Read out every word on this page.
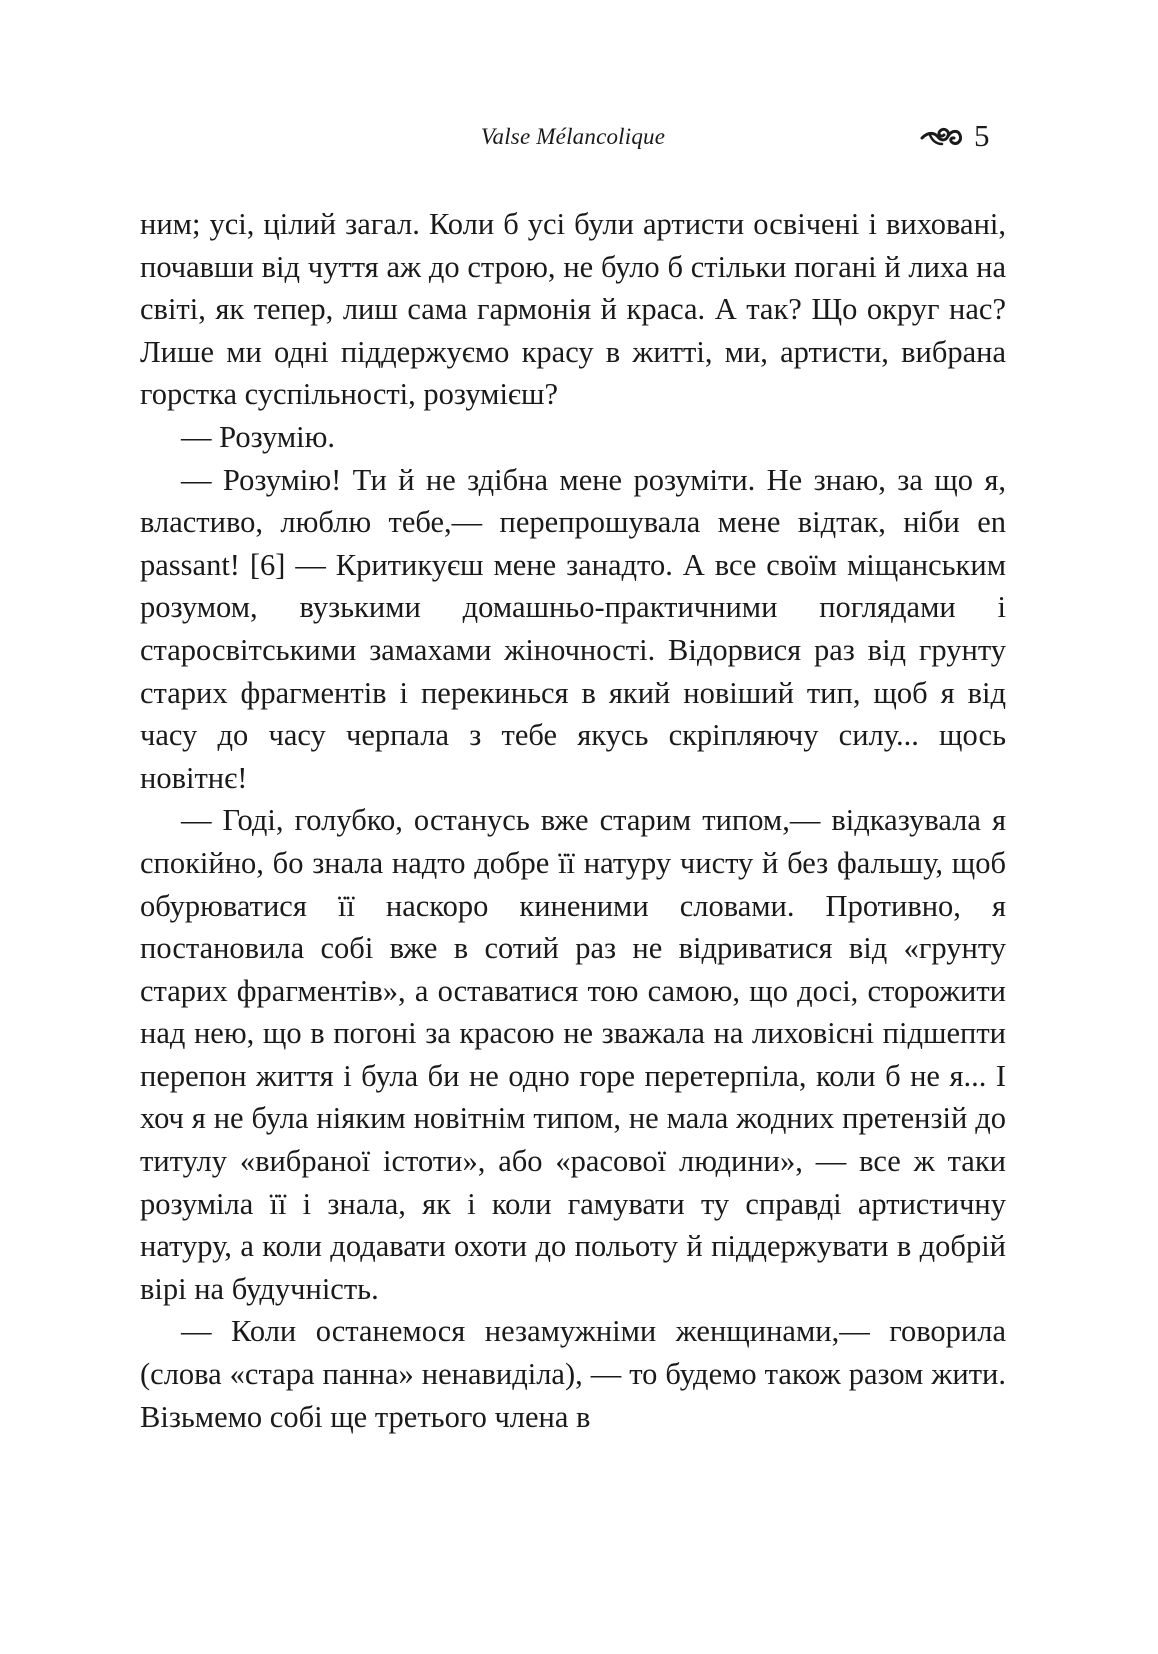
Valse Mélancolique	5

ним; усі, цілий загал. Коли б усі були артисти освічені і виховані, почавши від чуття аж до строю, не було б стільки погані й лиха на світі, як тепер, лиш сама гармонія й краса. А так? Що округ нас? Лише ми одні піддержуємо красу в житті, ми, артисти, вибрана горстка суспільності, розумієш?

— Розумію.

— Розумію! Ти й не здібна мене розуміти. Не знаю, за що я, властиво, люблю тебе,— перепрошувала мене відтак, ніби en passant! [6] — Критикуєш мене занадто. А все своїм міщанським розумом, вузькими домашньо-практичними поглядами і старосвітськими замахами жіночності. Відорвися раз від грунту старих фрагментів і перекинься в який новіший тип, щоб я від часу до часу черпала з тебе якусь скріпляючу силу... щось новітнє!

— Годі, голубко, останусь вже старим типом,— відказувала я спокійно, бо знала надто добре її натуру чисту й без фальшу, щоб обурюватися її наскоро киненими словами. Противно, я постановила собі вже в сотий раз не відриватися від «грунту старих фрагментів», а оставатися тою самою, що досі, сторожити над нею, що в погоні за красою не зважала на лиховісні підшепти перепон життя і була би не одно горе перетерпіла, коли б не я... І хоч я не була ніяким новітнім типом, не мала жодних претензій до титулу «вибраної істоти», або «расової людини», — все ж таки розуміла її і знала, як і коли гамувати ту справді артистичну натуру, а коли додавати охоти до польоту й піддержувати в добрій вірі на будучність.

— Коли останемося незамужніми женщинами,— говорила (слова «стара панна» ненавиділа), — то будемо також разом жити. Візьмемо собі ще третього члена в
